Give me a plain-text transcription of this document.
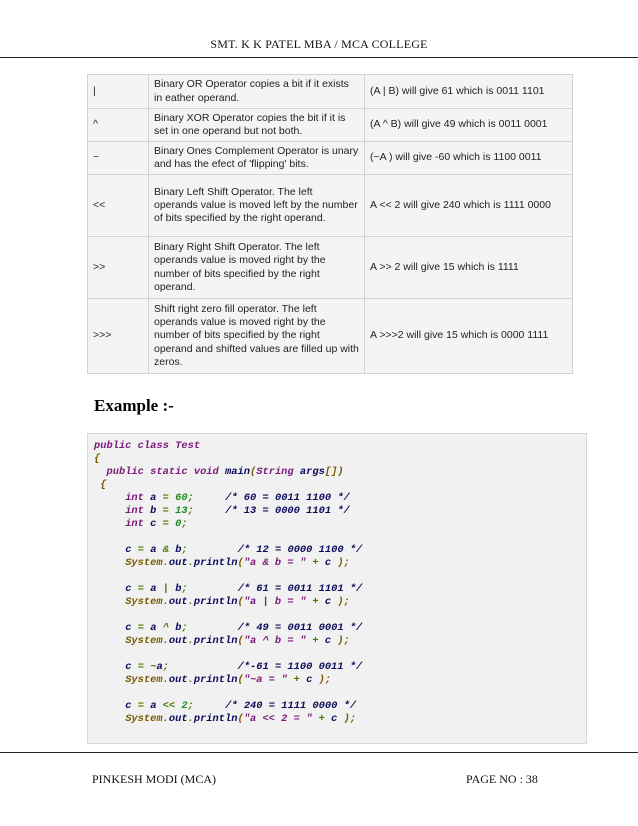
SMT. K K PATEL MBA / MCA COLLEGE
|	Binary OR Operator copies a bit if it exists in eather operand.	(A | B) will give 61 which is 0011 1101
^	Binary XOR Operator copies the bit if it is set in one operand but not both.	(A ^ B) will give 49 which is 0011 0001
~	Binary Ones Complement Operator is unary and has the efect of 'flipping' bits.	(~A ) will give -60 which is 1100 0011
<<	Binary Left Shift Operator. The left operands value is moved left by the number of bits specified by the right operand.	A << 2 will give 240 which is 1111 0000
>>	Binary Right Shift Operator. The left operands value is moved right by the number of bits specified by the right operand.	A >> 2 will give 15 which is 1111
>>>	Shift right zero fill operator. The left operands value is moved right by the number of bits specified by the right operand and shifted values are filled up with zeros.	A >>>2 will give 15 which is 0000 1111
Example :-
public class Test
{
public static void main(String args[])
{
int a = 60;	/* 60 = 0011 1100 */
int b = 13;	/* 13 = 0000 1101 */
int c = 0;

c = a & b;	/* 12 = 0000 1100 */
System.out.println("a & b = " + c );

c = a | b;	/* 61 = 0011 1101 */
System.out.println("a | b = " + c );

c = a ^ b;	/* 49 = 0011 0001 */
System.out.println("a ^ b = " + c );

c = ~a;	/*-61 = 1100 0011 */
System.out.println("~a = " + c );

c = a << 2;	/* 240 = 1111 0000 */
System.out.println("a << 2 = " + c );
PINKESH MODI (MCA)	PAGE NO : 38
